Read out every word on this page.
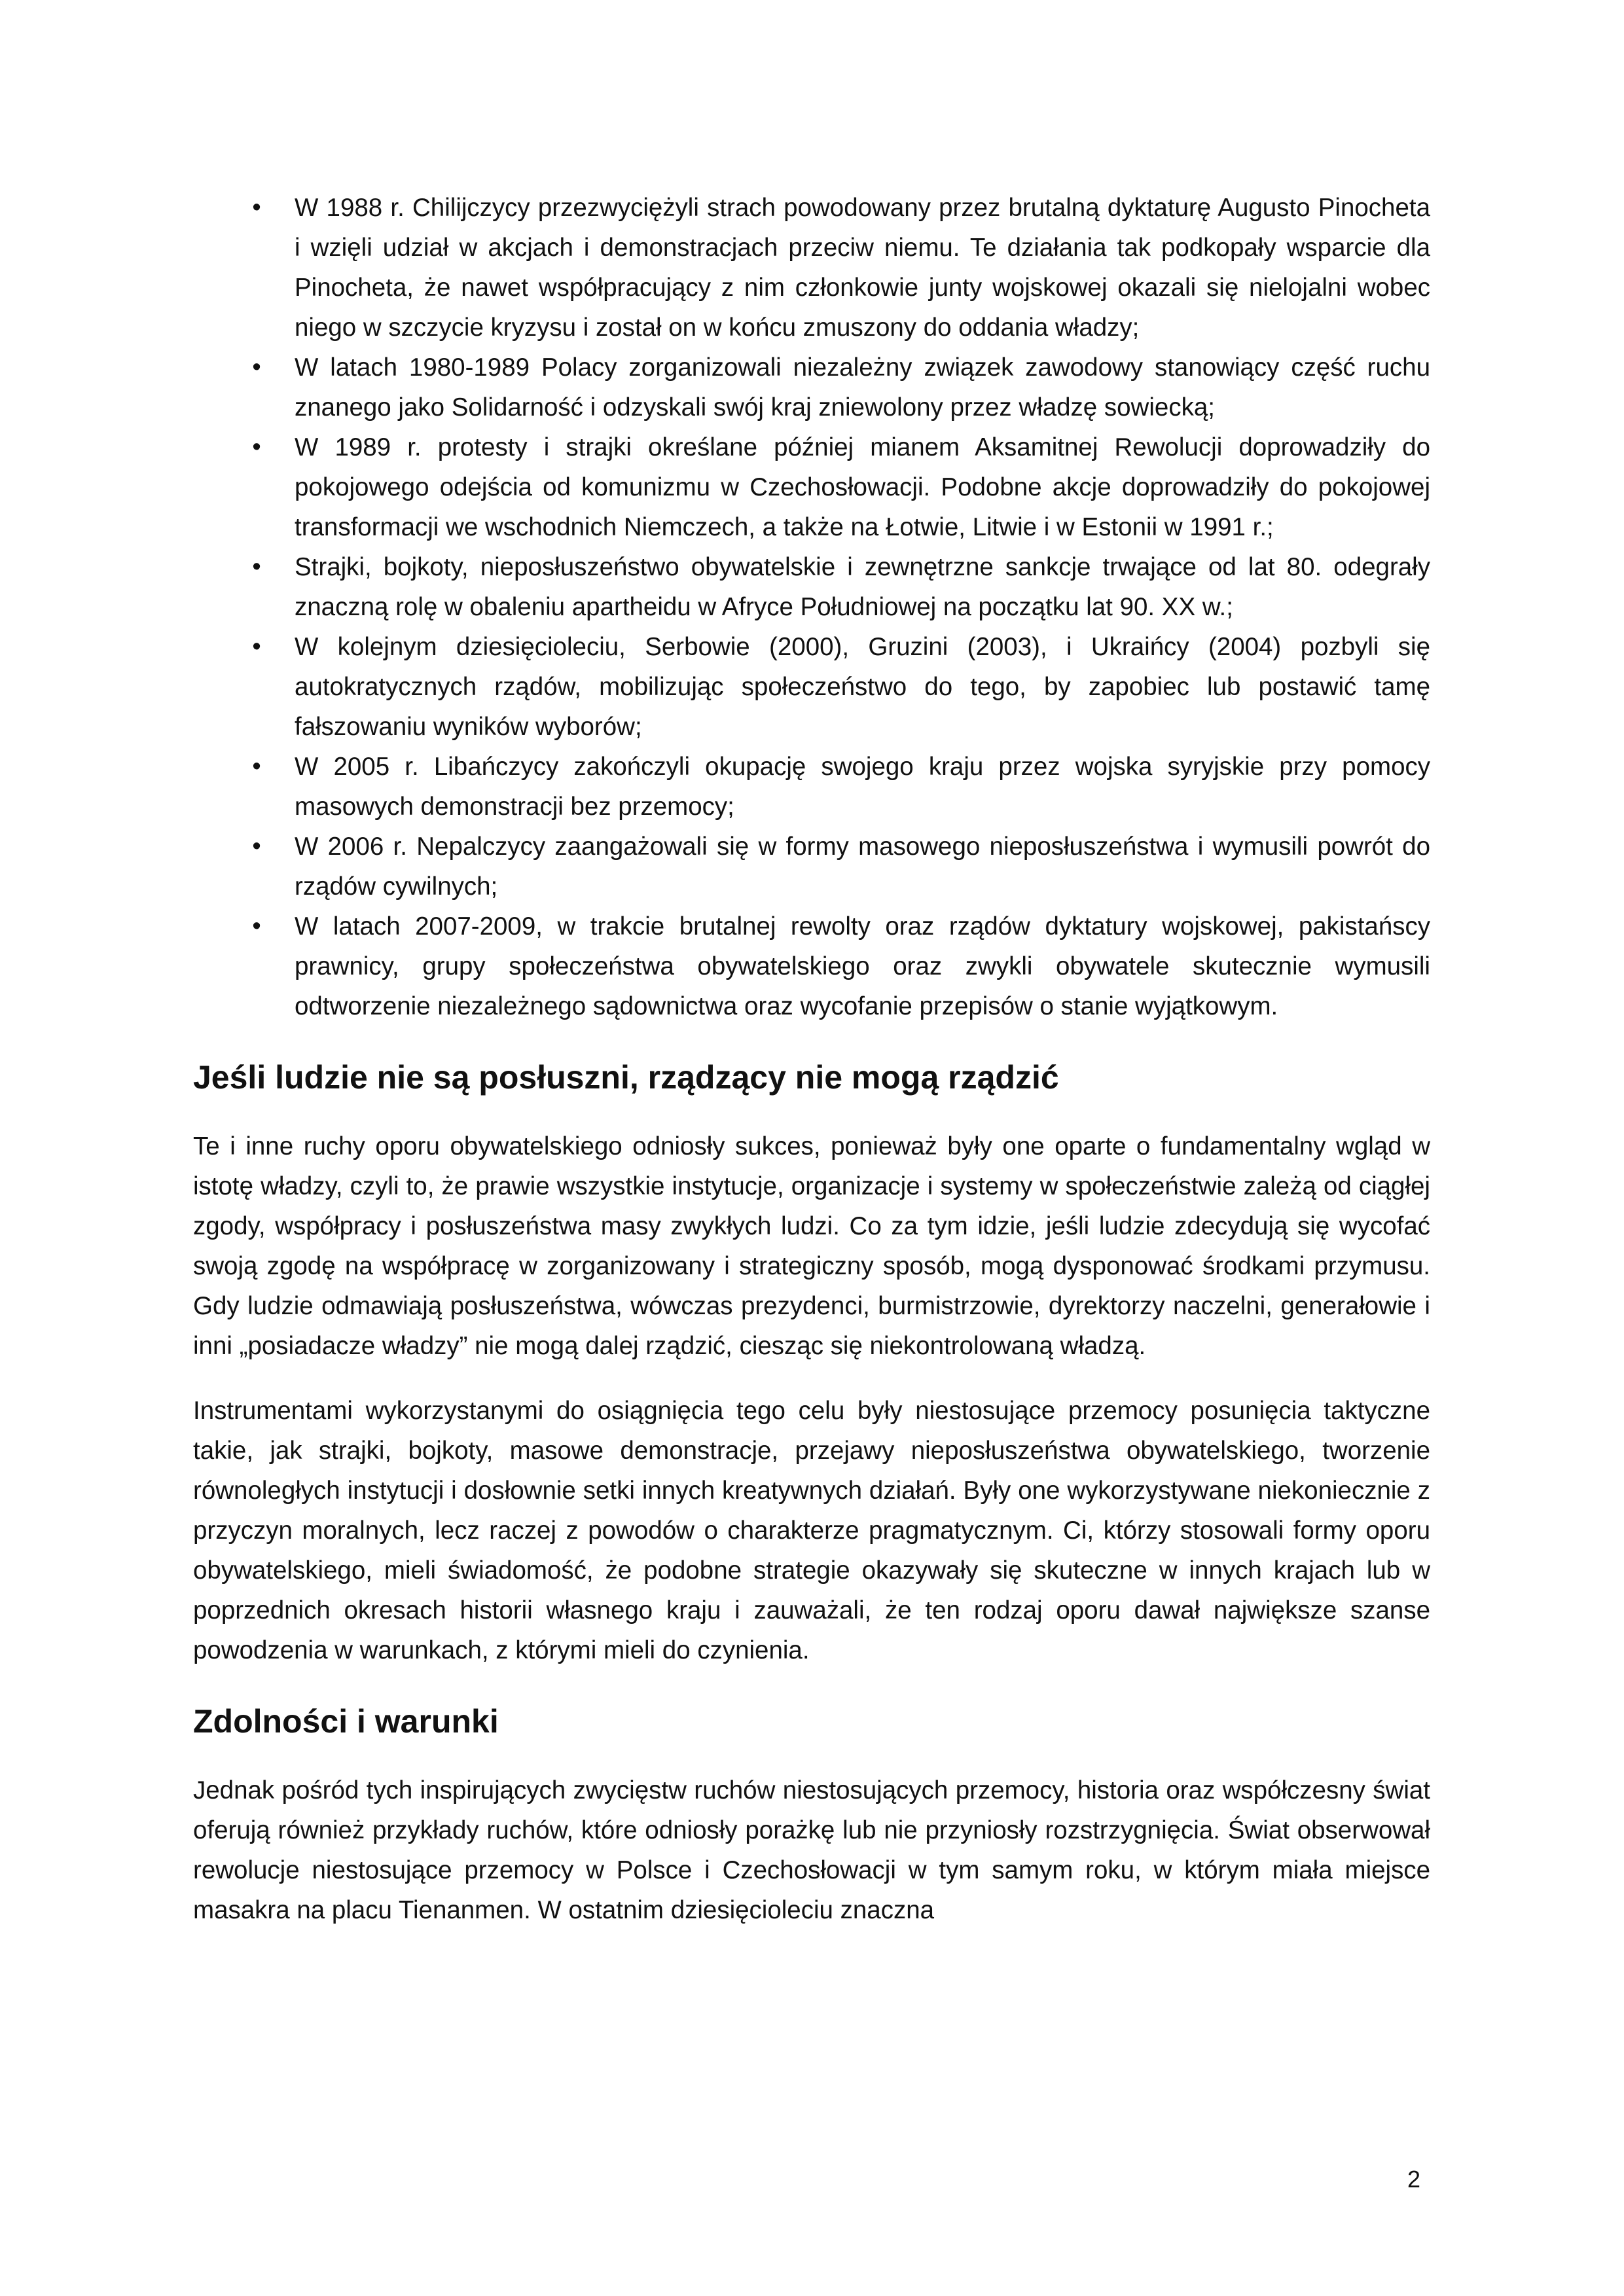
• W 1988 r. Chilijczycy przezwyciężyli strach powodowany przez brutalną dyktaturę Augusto Pinocheta i wzięli udział w akcjach i demonstracjach przeciw niemu. Te działania tak podkopały wsparcie dla Pinocheta, że nawet współpracujący z nim członkowie junty wojskowej okazali się nielojalni wobec niego w szczycie kryzysu i został on w końcu zmuszony do oddania władzy;
• W latach 1980-1989 Polacy zorganizowali niezależny związek zawodowy stanowiący część ruchu znanego jako Solidarność i odzyskali swój kraj zniewolony przez władzę sowiecką;
• W 1989 r. protesty i strajki określane później mianem Aksamitnej Rewolucji doprowadziły do pokojowego odejścia od komunizmu w Czechosłowacji. Podobne akcje doprowadziły do pokojowej transformacji we wschodnich Niemczech, a także na Łotwie, Litwie i w Estonii w 1991 r.;
• Strajki, bojkoty, nieposłuszeństwo obywatelskie i zewnętrzne sankcje trwające od lat 80. odegrały znaczną rolę w obaleniu apartheidu w Afryce Południowej na początku lat 90. XX w.;
• W kolejnym dziesięcioleciu, Serbowie (2000), Gruzini (2003), i Ukraińcy (2004) pozbyli się autokratycznych rządów, mobilizując społeczeństwo do tego, by zapobiec lub postawić tamę fałszowaniu wyników wyborów;
• W 2005 r. Libańczycy zakończyli okupację swojego kraju przez wojska syryjskie przy pomocy masowych demonstracji bez przemocy;
• W 2006 r. Nepalczycy zaangażowali się w formy masowego nieposłuszeństwa i wymusili powrót do rządów cywilnych;
• W latach 2007-2009, w trakcie brutalnej rewolty oraz rządów dyktatury wojskowej, pakistańscy prawnicy, grupy społeczeństwa obywatelskiego oraz zwykli obywatele skutecznie wymusili odtworzenie niezależnego sądownictwa oraz wycofanie przepisów o stanie wyjątkowym.
Jeśli ludzie nie są posłuszni, rządzący nie mogą rządzić

Te i inne ruchy oporu obywatelskiego odniosły sukces, ponieważ były one oparte o fundamentalny wgląd w istotę władzy, czyli to, że prawie wszystkie instytucje, organizacje i systemy w społeczeństwie zależą od ciągłej zgody, współpracy i posłuszeństwa masy zwykłych ludzi. Co za tym idzie, jeśli ludzie zdecydują się wycofać swoją zgodę na współpracę w zorganizowany i strategiczny sposób, mogą dysponować środkami przymusu. Gdy ludzie odmawiają posłuszeństwa, wówczas prezydenci, burmistrzowie, dyrektorzy naczelni, generałowie i inni „posiadacze władzy” nie mogą dalej rządzić, ciesząc się niekontrolowaną władzą.

Instrumentami wykorzystanymi do osiągnięcia tego celu były niestosujące przemocy posunięcia taktyczne takie, jak strajki, bojkoty, masowe demonstracje, przejawy nieposłuszeństwa obywatelskiego, tworzenie równoległych instytucji i dosłownie setki innych kreatywnych działań. Były one wykorzystywane niekoniecznie z przyczyn moralnych, lecz raczej z powodów o charakterze pragmatycznym. Ci, którzy stosowali formy oporu obywatelskiego, mieli świadomość, że podobne strategie okazywały się skuteczne w innych krajach lub w poprzednich okresach historii własnego kraju i zauważali, że ten rodzaj oporu dawał największe szanse powodzenia w warunkach, z którymi mieli do czynienia.

Zdolności i warunki

Jednak pośród tych inspirujących zwycięstw ruchów niestosujących przemocy, historia oraz współczesny świat oferują również przykłady ruchów, które odniosły porażkę lub nie przyniosły rozstrzygnięcia. Świat obserwował rewolucje niestosujące przemocy w Polsce i Czechosłowacji w tym samym roku, w którym miała miejsce masakra na placu Tienanmen. W ostatnim dziesięcioleciu znaczna

2
